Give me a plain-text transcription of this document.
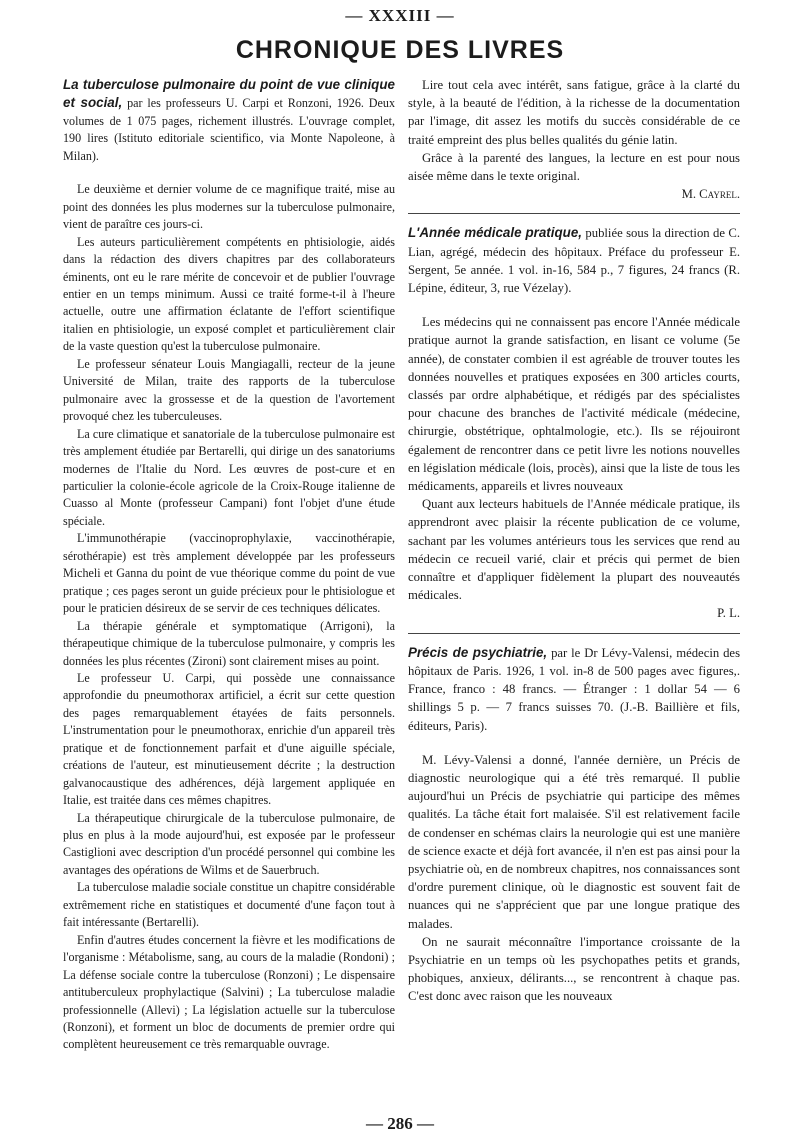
— XXXIII —
CHRONIQUE DES LIVRES

La tuberculose pulmonaire du point de vue clinique et social, par les professeurs U. Carpi et Ronzoni, 1926. Deux volumes de 1 075 pages, richement illustrés. L'ouvrage complet, 190 lires (Istituto editoriale scientifico, via Monte Napoleone, à Milan).

Le deuxième et dernier volume de ce magnifique traité, mise au point des données les plus modernes sur la tuberculose pulmonaire, vient de paraître ces jours-ci.

Les auteurs particulièrement compétents en phtisiologie, aidés dans la rédaction des divers chapitres par des collaborateurs éminents, ont eu le rare mérite de concevoir et de publier l'ouvrage entier en un temps minimum. Aussi ce traité forme-t-il à l'heure actuelle, outre une affirmation éclatante de l'effort scientifique italien en phtisiologie, un exposé complet et particulièrement clair de la vaste question qu'est la tuberculose pulmonaire.

Le professeur sénateur Louis Mangiagalli, recteur de la jeune Université de Milan, traite des rapports de la tuberculose pulmonaire avec la grossesse et de la question de l'avortement provoqué chez les tuberculeuses.

La cure climatique et sanatoriale de la tuberculose pulmonaire est très amplement étudiée par Bertarelli, qui dirige un des sanatoriums modernes de l'Italie du Nord. Les œuvres de post-cure et en particulier la colonie-école agricole de la Croix-Rouge italienne de Cuasso al Monte (professeur Campani) font l'objet d'une étude spéciale.

L'immunothérapie (vaccinoprophylaxie, vaccinothérapie, sérothérapie) est très amplement développée par les professeurs Micheli et Ganna du point de vue théorique comme du point de vue pratique ; ces pages seront un guide précieux pour le phtisiologue et pour le praticien désireux de se servir de ces techniques délicates.

La thérapie générale et symptomatique (Arrigoni), la thérapeutique chimique de la tuberculose pulmonaire, y compris les données les plus récentes (Zironi) sont clairement mises au point.

Le professeur U. Carpi, qui possède une connaissance approfondie du pneumothorax artificiel, a écrit sur cette question des pages remarquablement étayées de faits personnels. L'instrumentation pour le pneumothorax, enrichie d'un appareil très pratique et de fonctionnement parfait et d'une aiguille spéciale, créations de l'auteur, est minutieusement décrite ; la destruction galvanocaustique des adhérences, déjà largement appliquée en Italie, est traitée dans ces mêmes chapitres.

La thérapeutique chirurgicale de la tuberculose pulmonaire, de plus en plus à la mode aujourd'hui, est exposée par le professeur Castiglioni avec description d'un procédé personnel qui combine les avantages des opérations de Wilms et de Sauerbruch.

La tuberculose maladie sociale constitue un chapitre considérable extrêmement riche en statistiques et documenté d'une façon tout à fait intéressante (Bertarelli).

Enfin d'autres études concernent la fièvre et les modifications de l'organisme : Métabolisme, sang, au cours de la maladie (Rondoni) ; La défense sociale contre la tuberculose (Ronzoni) ; Le dispensaire antituberculeux prophylactique (Salvini) ; La tuberculose maladie professionnelle (Allevi) ; La législation actuelle sur la tuberculose (Ronzoni), et forment un bloc de documents de premier ordre qui complètent heureusement ce très remarquable ouvrage.

Lire tout cela avec intérêt, sans fatigue, grâce à la clarté du style, à la beauté de l'édition, à la richesse de la documentation par l'image, dit assez les motifs du succès considérable de ce traité empreint des plus belles qualités du génie latin.

Grâce à la parenté des langues, la lecture en est pour nous aisée même dans le texte original.

M. Cayrel.

L'Année médicale pratique, publiée sous la direction de C. Lian, agrégé, médecin des hôpitaux. Préface du professeur E. Sergent, 5e année. 1 vol. in-16, 584 p., 7 figures, 24 francs (R. Lépine, éditeur, 3, rue Vézelay).

Les médecins qui ne connaissent pas encore l'Année médicale pratique aurnot la grande satisfaction, en lisant ce volume (5e année), de constater combien il est agréable de trouver toutes les données nouvelles et pratiques exposées en 300 articles courts, classés par ordre alphabétique, et rédigés par des spécialistes pour chacune des branches de l'activité médicale (médecine, chirurgie, obstétrique, ophtalmologie, etc.). Ils se réjouiront également de rencontrer dans ce petit livre les notions nouvelles en législation médicale (lois, procès), ainsi que la liste de tous les médicaments, appareils et livres nouveaux

Quant aux lecteurs habituels de l'Année médicale pratique, ils apprendront avec plaisir la récente publication de ce volume, sachant par les volumes antérieurs tous les services que rend au médecin ce recueil varié, clair et précis qui permet de bien connaître et d'appliquer fidèlement la plupart des nouveautés médicales.

P. L.

Précis de psychiatrie, par le Dr Lévy-Valensi, médecin des hôpitaux de Paris. 1926, 1 vol. in-8 de 500 pages avec figures,. France, franco : 48 francs. — Étranger : 1 dollar 54 — 6 shillings 5 p. — 7 francs suisses 70. (J.-B. Baillière et fils, éditeurs, Paris).

M. Lévy-Valensi a donné, l'année dernière, un Précis de diagnostic neurologique qui a été très remarqué. Il publie aujourd'hui un Précis de psychiatrie qui participe des mêmes qualités. La tâche était fort malaisée. S'il est relativement facile de condenser en schémas clairs la neurologie qui est une manière de science exacte et déjà fort avancée, il n'en est pas ainsi pour la psychiatrie où, en de nombreux chapitres, nos connaissances sont d'ordre purement clinique, où le diagnostic est souvent fait de nuances qui ne s'apprécient que par une longue pratique des malades.

On ne saurait méconnaître l'importance croissante de la Psychiatrie en un temps où les psychopathes petits et grands, phobiques, anxieux, délirants..., se rencontrent à chaque pas. C'est donc avec raison que les nouveaux

— 286 —
